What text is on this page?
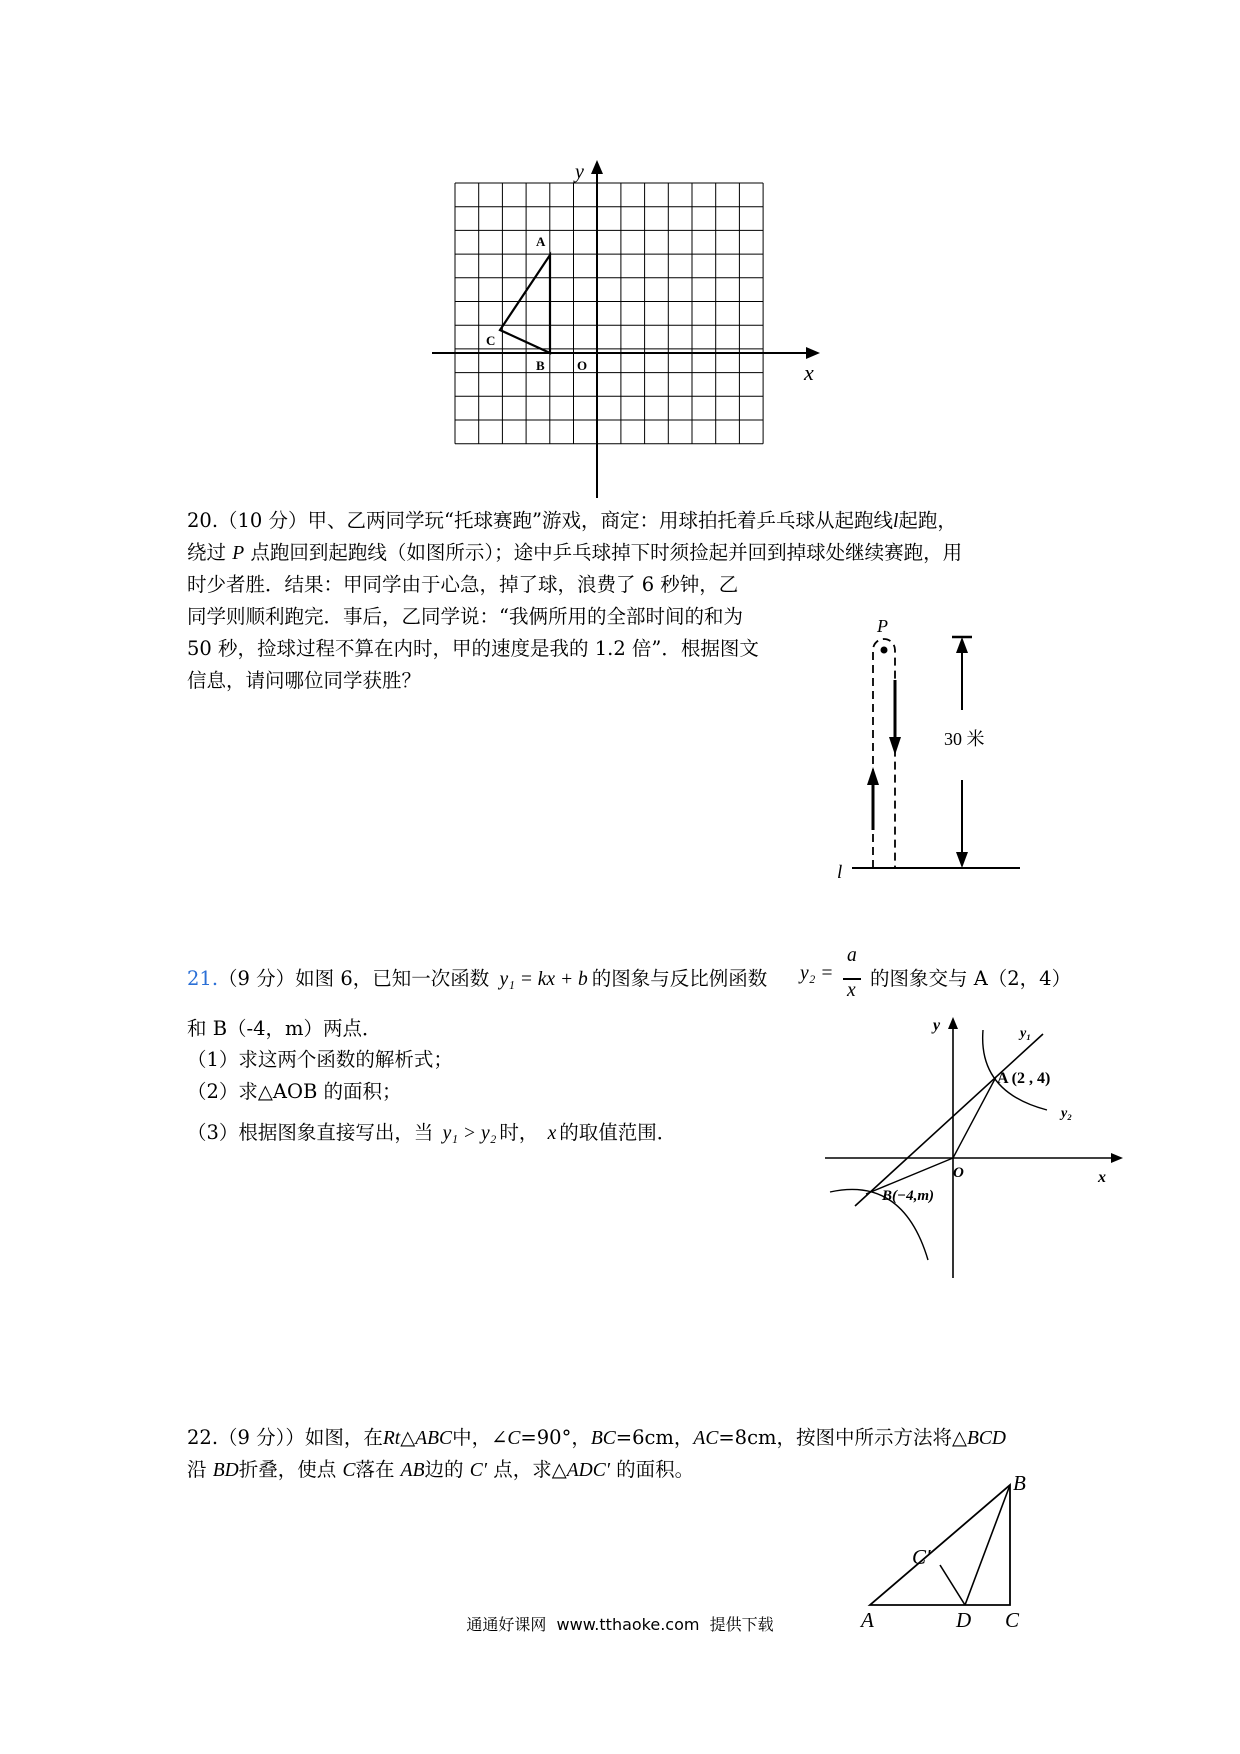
y
x
O
A
B
C
20.（10 分）甲、乙两同学玩“托球赛跑”游戏，商定：用球拍托着乒乓球从起跑线l起跑，
绕过 P 点跑回到起跑线（如图所示）；途中乒乓球掉下时须捡起并回到掉球处继续赛跑，用
时少者胜．结果：甲同学由于心急，掉了球，浪费了 6 秒钟，乙
同学则顺利跑完．事后，乙同学说：“我俩所用的全部时间的和为
50 秒，捡球过程不算在内时，甲的速度是我的 1.2 倍”．根据图文
信息，请问哪位同学获胜？
P
30 米
l
21.（9 分）如图 6，已知一次函数 y₁ = kx + b 的图象与反比例函数 y₂ =
a
x
的图象交与 A（2，4）
和 B（-4，m）两点．
（1）求这两个函数的解析式；
（2）求△AOB 的面积；
（3）根据图象直接写出，当 y₁ > y₂ 时， x 的取值范围．
y
x
O
y₁
y₂
A (2 , 4)
B(−4,m)
22.（9 分））如图，在Rt△ABC中，∠C=90°，BC=6cm，AC=8cm，按图中所示方法将△BCD
沿 BD折叠，使点 C落在 AB边的 C′ 点，求△ADC′ 的面积。
A	D C
B
C′
通通好课网  www.tthaoke.com  提供下载
